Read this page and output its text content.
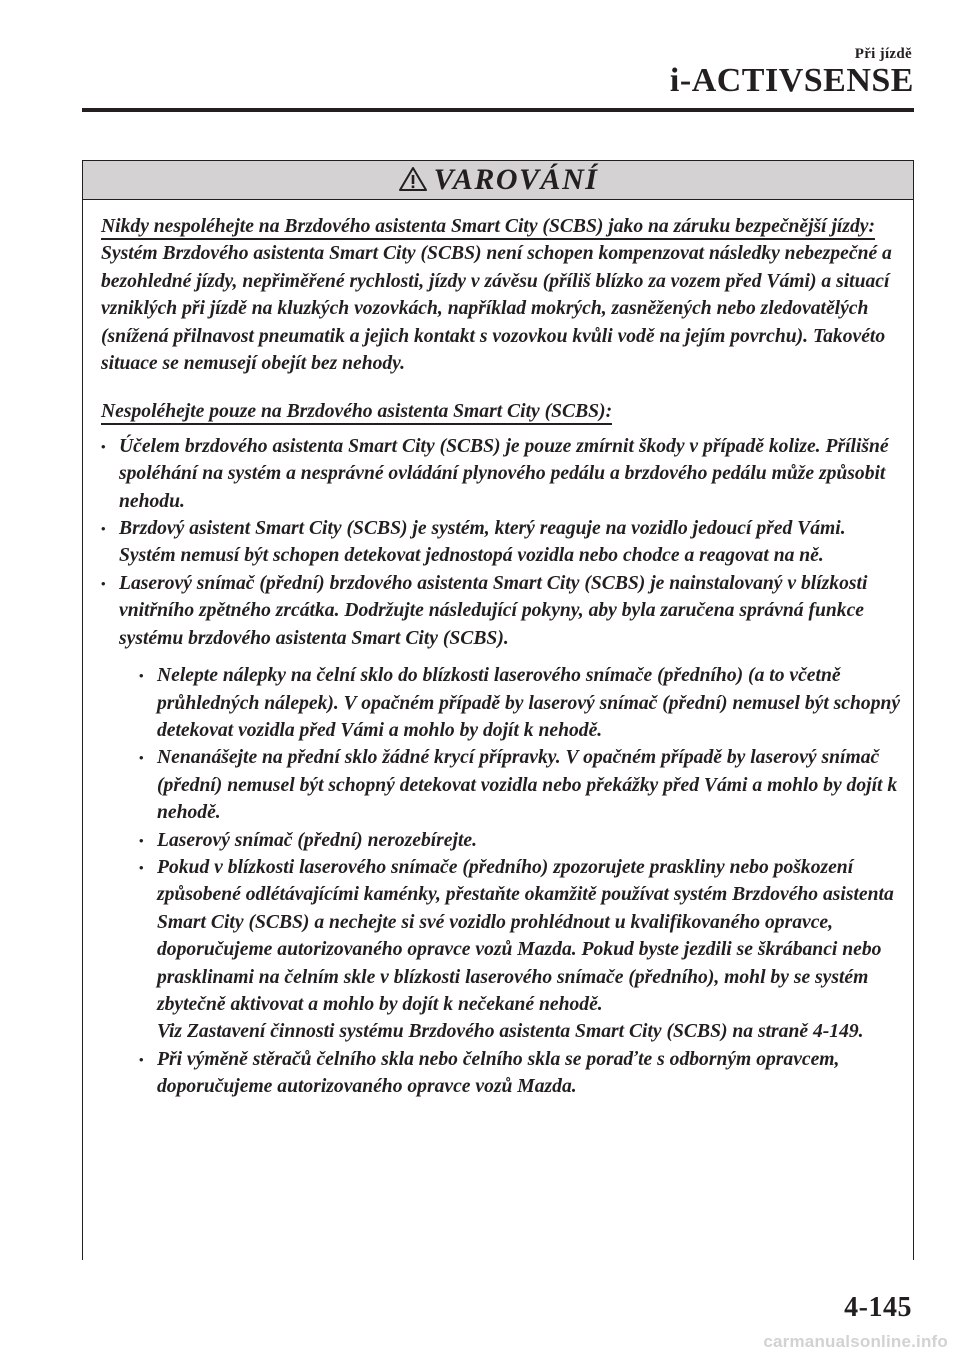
Při jízdě
i-ACTIVSENSE
VAROVÁNÍ

Nikdy nespoléhejte na Brzdového asistenta Smart City (SCBS) jako na záruku bezpečnější jízdy:

Systém Brzdového asistenta Smart City (SCBS) není schopen kompenzovat následky nebezpečné a bezohledné jízdy, nepřiměřené rychlosti, jízdy v závěsu (příliš blízko za vozem před Vámi) a situací vzniklých při jízdě na kluzkých vozovkách, například mokrých, zasněžených nebo zledovatělých (snížená přilnavost pneumatik a jejich kontakt s vozovkou kvůli vodě na jejím povrchu). Takovéto situace se nemusejí obejít bez nehody.

Nespoléhejte pouze na Brzdového asistenta Smart City (SCBS):

• Účelem brzdového asistenta Smart City (SCBS) je pouze zmírnit škody v případě kolize. Přílišné spoléhání na systém a nesprávné ovládání plynového pedálu a brzdového pedálu může způsobit nehodu.
• Brzdový asistent Smart City (SCBS) je systém, který reaguje na vozidlo jedoucí před Vámi. Systém nemusí být schopen detekovat jednostopá vozidla nebo chodce a reagovat na ně.
• Laserový snímač (přední) brzdového asistenta Smart City (SCBS) je nainstalovaný v blízkosti vnitřního zpětného zrcátka. Dodržujte následující pokyny, aby byla zaručena správná funkce systému brzdového asistenta Smart City (SCBS).
• Nelepte nálepky na čelní sklo do blízkosti laserového snímače (předního) (a to včetně průhledných nálepek). V opačném případě by laserový snímač (přední) nemusel být schopný detekovat vozidla před Vámi a mohlo by dojít k nehodě.
• Nenanášejte na přední sklo žádné krycí přípravky. V opačném případě by laserový snímač (přední) nemusel být schopný detekovat vozidla nebo překážky před Vámi a mohlo by dojít k nehodě.
• Laserový snímač (přední) nerozebírejte.
• Pokud v blízkosti laserového snímače (předního) zpozorujete praskliny nebo poškození způsobené odlétávajícími kaménky, přestaňte okamžitě používat systém Brzdového asistenta Smart City (SCBS) a nechejte si své vozidlo prohlédnout u kvalifikovaného opravce, doporučujeme autorizovaného opravce vozů Mazda. Pokud byste jezdili se škrábanci nebo prasklinami na čelním skle v blízkosti laserového snímače (předního), mohl by se systém zbytečně aktivovat a mohlo by dojít k nečekané nehodě.
Viz Zastavení činnosti systému Brzdového asistenta Smart City (SCBS) na straně 4-149.
• Při výměně stěračů čelního skla nebo čelního skla se poraďte s odborným opravcem, doporučujeme autorizovaného opravce vozů Mazda.
4-145
carmanualsonline.info
